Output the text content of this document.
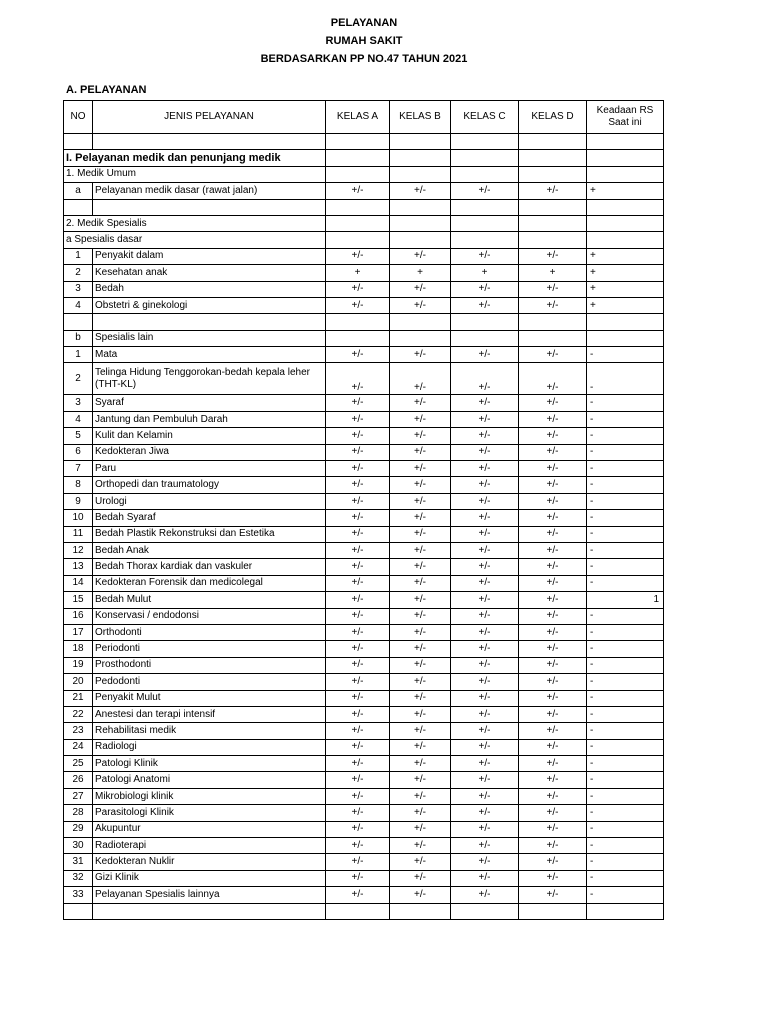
PELAYANAN
RUMAH SAKIT
BERDASARKAN PP NO.47 TAHUN 2021
A. PELAYANAN
NO	JENIS PELAYANAN	KELAS A	KELAS B	KELAS C	KELAS D	Keadaan RS Saat ini

I. Pelayanan medik dan penunjang medik						
1. Medik Umum						
a	Pelayanan medik dasar (rawat jalan)	+/-	+/-	+/-	+/-	+

2. Medik Spesialis						
a Spesialis dasar						
1	Penyakit dalam	+/-	+/-	+/-	+/-	+
2	Kesehatan anak	+	+	+	+	+
3	Bedah	+/-	+/-	+/-	+/-	+
4	Obstetri & ginekologi	+/-	+/-	+/-	+/-	+

b	Spesialis lain					
1	Mata	+/-	+/-	+/-	+/-	-
2	Telinga Hidung Tenggorokan-bedah kepala leher (THT-KL)	+/-	+/-	+/-	+/-	-
3	Syaraf	+/-	+/-	+/-	+/-	-
4	Jantung dan Pembuluh Darah	+/-	+/-	+/-	+/-	-
5	Kulit dan Kelamin	+/-	+/-	+/-	+/-	-
6	Kedokteran Jiwa	+/-	+/-	+/-	+/-	-
7	Paru	+/-	+/-	+/-	+/-	-
8	Orthopedi dan traumatology	+/-	+/-	+/-	+/-	-
9	Urologi	+/-	+/-	+/-	+/-	-
10	Bedah Syaraf	+/-	+/-	+/-	+/-	-
11	Bedah Plastik Rekonstruksi dan Estetika	+/-	+/-	+/-	+/-	-
12	Bedah Anak	+/-	+/-	+/-	+/-	-
13	Bedah Thorax kardiak dan vaskuler	+/-	+/-	+/-	+/-	-
14	Kedokteran Forensik dan medicolegal	+/-	+/-	+/-	+/-	-
15	Bedah Mulut	+/-	+/-	+/-	+/-	1
16	Konservasi / endodonsi	+/-	+/-	+/-	+/-	-
17	Orthodonti	+/-	+/-	+/-	+/-	-
18	Periodonti	+/-	+/-	+/-	+/-	-
19	Prosthodonti	+/-	+/-	+/-	+/-	-
20	Pedodonti	+/-	+/-	+/-	+/-	-
21	Penyakit Mulut	+/-	+/-	+/-	+/-	-
22	Anestesi dan terapi intensif	+/-	+/-	+/-	+/-	-
23	Rehabilitasi medik	+/-	+/-	+/-	+/-	-
24	Radiologi	+/-	+/-	+/-	+/-	-
25	Patologi Klinik	+/-	+/-	+/-	+/-	-
26	Patologi Anatomi	+/-	+/-	+/-	+/-	-
27	Mikrobiologi klinik	+/-	+/-	+/-	+/-	-
28	Parasitologi Klinik	+/-	+/-	+/-	+/-	-
29	Akupuntur	+/-	+/-	+/-	+/-	-
30	Radioterapi	+/-	+/-	+/-	+/-	-
31	Kedokteran Nuklir	+/-	+/-	+/-	+/-	-
32	Gizi Klinik	+/-	+/-	+/-	+/-	-
33	Pelayanan Spesialis lainnya	+/-	+/-	+/-	+/-	-
